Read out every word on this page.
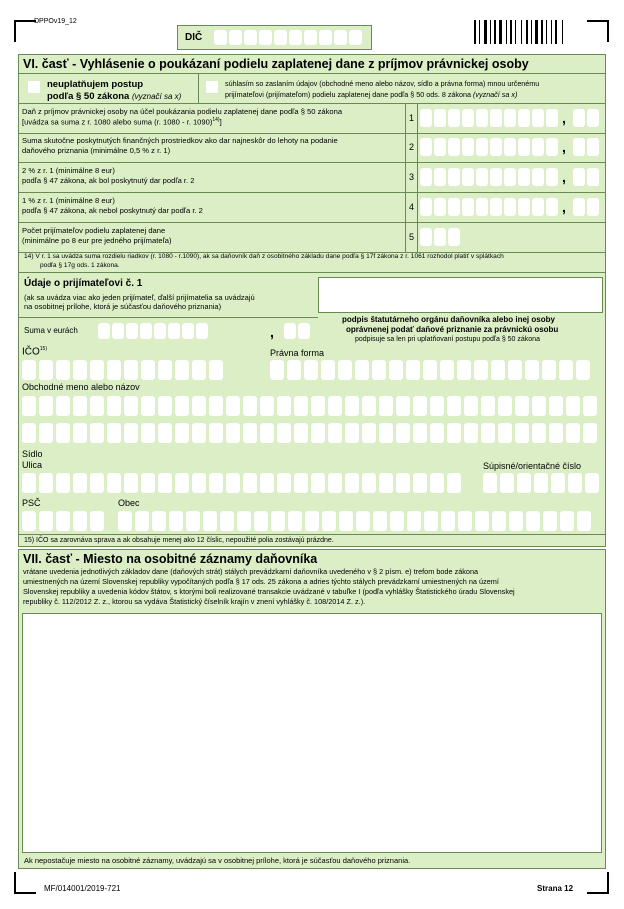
DPPOv19_12
DIČ
VI. časť - Vyhlásenie o poukázaní podielu zaplatenej dane z príjmov právnickej osoby
neuplatňujem postup
podľa § 50 zákona (vyznačí sa x)
súhlasím so zaslaním údajov (obchodné meno alebo názov, sídlo a právna forma) mnou určenému
prijímateľovi (prijímateľom) podielu zaplatenej dane podľa § 50 ods. 8 zákona (vyznačí sa x)
Daň z príjmov právnickej osoby na účel poukázania podielu zaplatenej dane podľa § 50 zákona
[uvádza sa suma z r. 1080 alebo suma (r. 1080 - r. 1090)$^{14)}$]	1	,
Suma skutočne poskytnutých finančných prostriedkov ako dar najneskôr do lehoty na podanie
daňového priznania (minimálne 0,5 % z r. 1)	2	,
2 % z r. 1 (minimálne 8 eur)
podľa § 47 zákona, ak bol poskytnutý dar podľa r. 2	3	,
1 % z r. 1 (minimálne 8 eur)
podľa § 47 zákona, ak nebol poskytnutý dar podľa r. 2	4	,
Počet prijímateľov podielu zaplatenej dane
(minimálne po 8 eur pre jedného prijímateľa)	5
14) V r. 1 sa uvádza suma rozdielu riadkov (r. 1080 - r.1090), ak sa daňovník daň z osobitného základu dane podľa § 17f zákona z r. 1061 rozhodol platiť v splátkach
podľa § 17g ods. 1 zákona.
Údaje o prijímateľovi č. 1
(ak sa uvádza viac ako jeden prijímateľ, ďalší prijímatelia sa uvádzajú
na osobitnej prílohe, ktorá je súčasťou daňového priznania)
Suma v eurách	,
podpis štatutárneho orgánu daňovníka alebo inej osoby
oprávnenej podať daňové priznanie za právnickú osobu
podpisuje sa len pri uplatňovaní postupu podľa § 50 zákona
IČO$^{15)}$	Právna forma
Obchodné meno alebo názov
Sídlo
Ulica	Súpisné/orientačné číslo
PSČ	Obec
15) IČO sa zarovnáva sprava a ak obsahuje menej ako 12 číslic, nepoužité polia zostávajú prázdne.
VII. časť - Miesto na osobitné záznamy daňovníka
vrátane uvedenia jednotlivých základov dane (daňových strát) stálych prevádzkarní daňovníka uvedeného v § 2 písm. e) trefom bode zákona
umiestnených na území Slovenskej republiky vypočítaných podľa § 17 ods. 25 zákona a adries týchto stálych prevádzkarní umiestnených na území
Slovenskej republiky a uvedenia kódov štátov, s ktorými boli realizované transakcie uvádzané v tabuľke I (podľa vyhlášky Štatistického úradu Slovenskej
republiky č. 112/2012 Z. z., ktorou sa vydáva Štatistický číselník krajín v znení vyhlášky č. 108/2014 Z. z.).
Ak nepostačuje miesto na osobitné záznamy, uvádzajú sa v osobitnej prílohe, ktorá je súčasťou daňového priznania.
MF/014001/2019-721	Strana 12
